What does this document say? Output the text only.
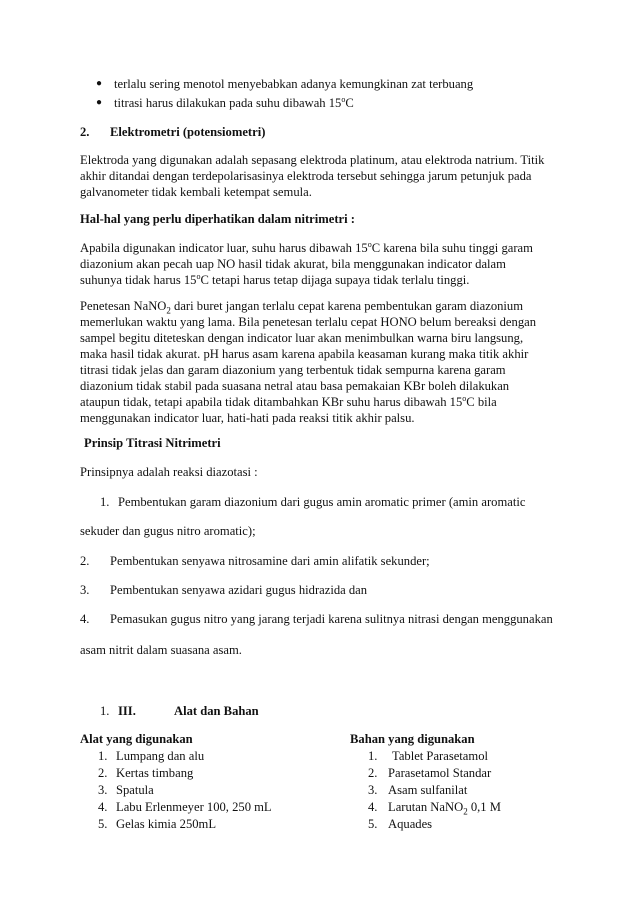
● terlalu sering menotol menyebabkan adanya kemungkinan zat terbuang
● titrasi harus dilakukan pada suhu dibawah 15$^o$C
2. Elektrometri (potensiometri)
Elektroda yang digunakan adalah sepasang elektroda platinum, atau elektroda natrium. Titik
akhir ditandai dengan terdepolarisasinya elektroda tersebut sehingga jarum petunjuk pada
galvanometer tidak kembali ketempat semula.
Hal-hal yang perlu diperhatikan dalam nitrimetri :
Apabila digunakan indicator luar, suhu harus dibawah 15$^o$C karena bila suhu tinggi garam
diazonium akan pecah uap NO hasil tidak akurat, bila menggunakan indicator dalam
suhunya tidak harus 15$^o$C tetapi harus tetap dijaga supaya tidak terlalu tinggi.
Penetesan NaNO$_2$ dari buret jangan terlalu cepat karena pembentukan garam diazonium
memerlukan waktu yang lama. Bila penetesan terlalu cepat HONO belum bereaksi dengan
sampel begitu diteteskan dengan indicator luar akan menimbulkan warna biru langsung,
maka hasil tidak akurat. pH harus asam karena apabila keasaman kurang maka titik akhir
titrasi tidak jelas dan garam diazonium yang terbentuk tidak sempurna karena garam
diazonium tidak stabil pada suasana netral atau basa pemakaian KBr boleh dilakukan
ataupun tidak, tetapi apabila tidak ditambahkan KBr suhu harus dibawah 15$^o$C bila
menggunakan indicator luar, hati-hati pada reaksi titik akhir palsu.
Prinsip Titrasi Nitrimetri
Prinsipnya adalah reaksi diazotasi :
1. Pembentukan garam diazonium dari gugus amin aromatic primer (amin aromatic
sekuder dan gugus nitro aromatic);
2. Pembentukan senyawa nitrosamine dari amin alifatik sekunder;
3. Pembentukan senyawa azidari gugus hidrazida dan
4. Pemasukan gugus nitro yang jarang terjadi karena sulitnya nitrasi dengan menggunakan
asam nitrit dalam suasana asam.
1. III.	Alat dan Bahan
Alat yang digunakan
1. Lumpang dan alu
2. Kertas timbang
3. Spatula
4. Labu Erlenmeyer 100, 250 mL
5. Gelas kimia 250mL
Bahan yang digunakan
1. Tablet Parasetamol
2. Parasetamol Standar
3. Asam sulfanilat
4. Larutan NaNO$_2$ 0,1 M
5. Aquades
